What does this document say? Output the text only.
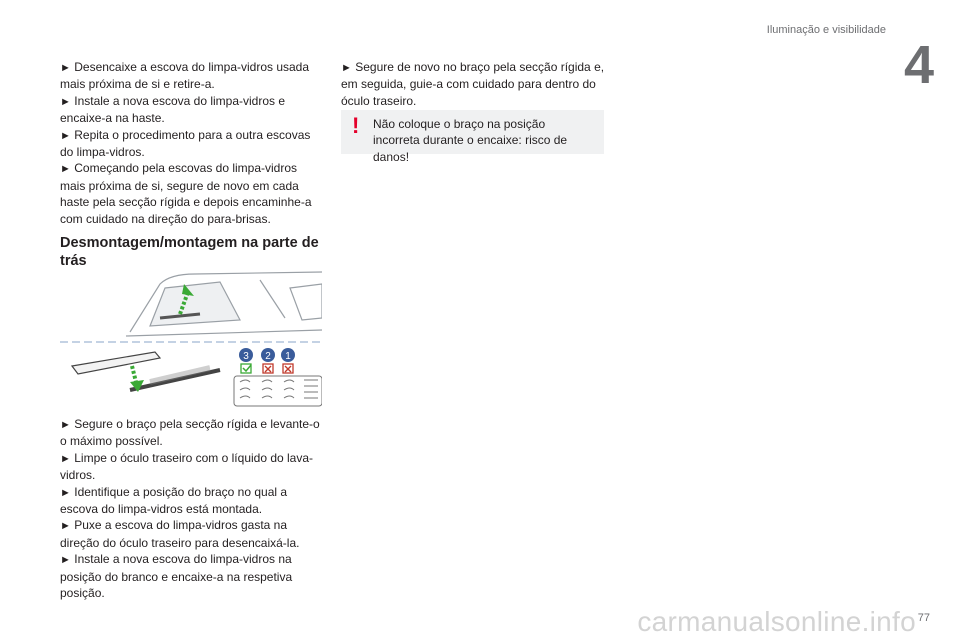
Iluminação e visibilidade
4

► Desencaixe a escova do limpa-vidros usada mais próxima de si e retire-a.

► Instale a nova escova do limpa-vidros e encaixe-a na haste.

► Repita o procedimento para a outra escovas do limpa-vidros.

► Começando pela escovas do limpa-vidros mais próxima de si, segure de novo em cada haste pela secção rígida e depois encaminhe-a com cuidado na direção do para-brisas.

Desmontagem/montagem na parte de trás
3 2 1

► Segure o braço pela secção rígida e levante-o o máximo possível.

► Limpe o óculo traseiro com o líquido do lava-vidros.

► Identifique a posição do braço no qual a escova do limpa-vidros está montada.

► Puxe a escova do limpa-vidros gasta na direção do óculo traseiro para desencaixá-la.

► Instale a nova escova do limpa-vidros na posição do branco e encaixe-a na respetiva posição.

► Segure de novo no braço pela secção rígida e, em seguida, guie-a com cuidado para dentro do óculo traseiro.

! Não coloque o braço na posição incorreta durante o encaixe: risco de danos!
carmanualsonline.info 77
